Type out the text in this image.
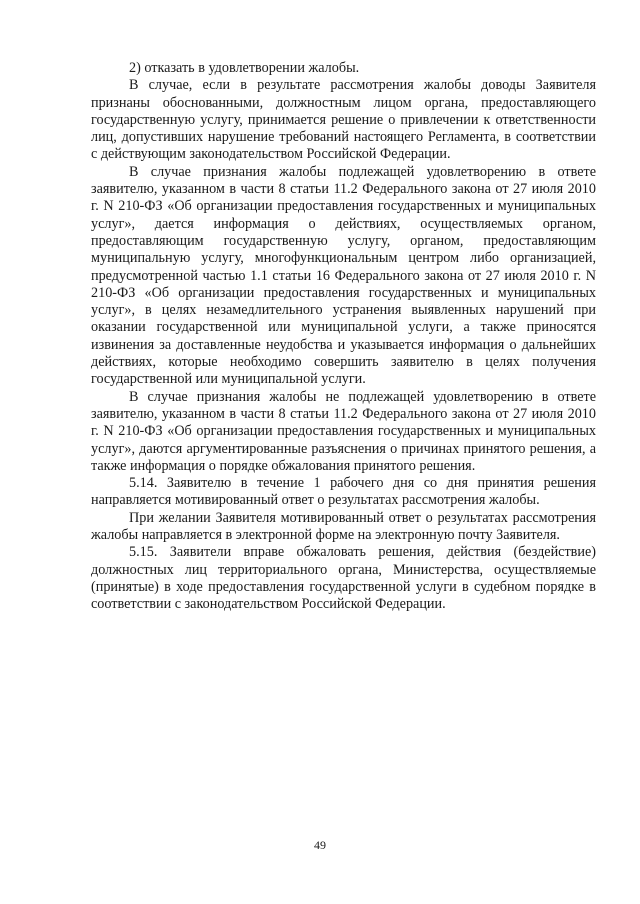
2) отказать в удовлетворении жалобы.

В случае, если в результате рассмотрения жалобы доводы Заявителя признаны обоснованными, должностным лицом органа, предоставляющего государственную услугу, принимается решение о привлечении к ответственности лиц, допустивших нарушение требований настоящего Регламента, в соответствии с действующим законодательством Российской Федерации.

В случае признания жалобы подлежащей удовлетворению в ответе заявителю, указанном в части 8 статьи 11.2 Федерального закона от 27 июля 2010 г. N 210-ФЗ «Об организации предоставления государственных и муниципальных услуг», дается информация о действиях, осуществляемых органом, предоставляющим государственную услугу, органом, предоставляющим муниципальную услугу, многофункциональным центром либо организацией, предусмотренной частью 1.1 статьи 16 Федерального закона от 27 июля 2010 г. N 210-ФЗ «Об организации предоставления государственных и муниципальных услуг», в целях незамедлительного устранения выявленных нарушений при оказании государственной или муниципальной услуги, а также приносятся извинения за доставленные неудобства и указывается информация о дальнейших действиях, которые необходимо совершить заявителю в целях получения государственной или муниципальной услуги.

В случае признания жалобы не подлежащей удовлетворению в ответе заявителю, указанном в части 8 статьи 11.2 Федерального закона от 27 июля 2010 г. N 210-ФЗ «Об организации предоставления государственных и муниципальных услуг», даются аргументированные разъяснения о причинах принятого решения, а также информация о порядке обжалования принятого решения.

5.14. Заявителю в течение 1 рабочего дня со дня принятия решения направляется мотивированный ответ о результатах рассмотрения жалобы.

При желании Заявителя мотивированный ответ о результатах рассмотрения жалобы направляется в электронной форме на электронную почту Заявителя.

5.15. Заявители вправе обжаловать решения, действия (бездействие) должностных лиц территориального органа, Министерства, осуществляемые (принятые) в ходе предоставления государственной услуги в судебном порядке в соответствии с законодательством Российской Федерации.

49
